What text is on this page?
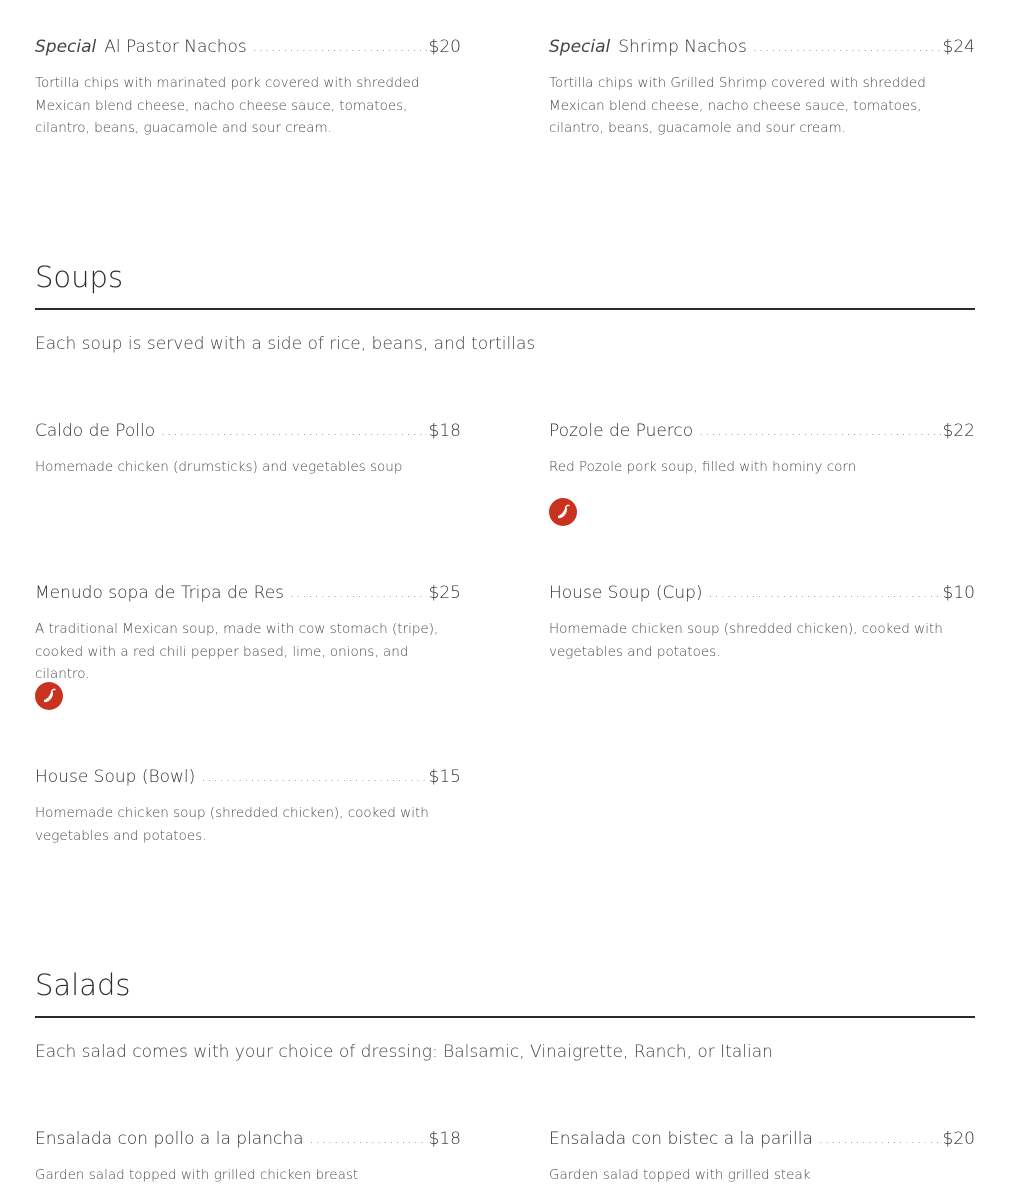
Special Al Pastor Nachos .....	$20
Tortilla chips with marinated pork covered with shredded Mexican blend cheese, nacho cheese sauce, tomatoes, cilantro, beans, guacamole and sour cream.
Special Shrimp Nachos .....	$24
Tortilla chips with Grilled Shrimp covered with shredded Mexican blend cheese, nacho cheese sauce, tomatoes, cilantro, beans, guacamole and sour cream.
Soups
Each soup is served with a side of rice, beans, and tortillas
Caldo de Pollo .....	$18
Homemade chicken (drumsticks) and vegetables soup
Pozole de Puerco .....	$22
Red Pozole pork soup, filled with hominy corn
Menudo sopa de Tripa de Res .....	$25
A traditional Mexican soup, made with cow stomach (tripe), cooked with a red chili pepper based, lime, onions, and cilantro.
House Soup (Cup) .....	$10
Homemade chicken soup (shredded chicken), cooked with vegetables and potatoes.
House Soup (Bowl) .....	$15
Homemade chicken soup (shredded chicken), cooked with vegetables and potatoes.
Salads
Each salad comes with your choice of dressing: Balsamic, Vinaigrette, Ranch, or Italian
Ensalada con pollo a la plancha .....	$18
Garden salad topped with grilled chicken breast
Ensalada con bistec a la parilla .....	$20
Garden salad topped with grilled steak
